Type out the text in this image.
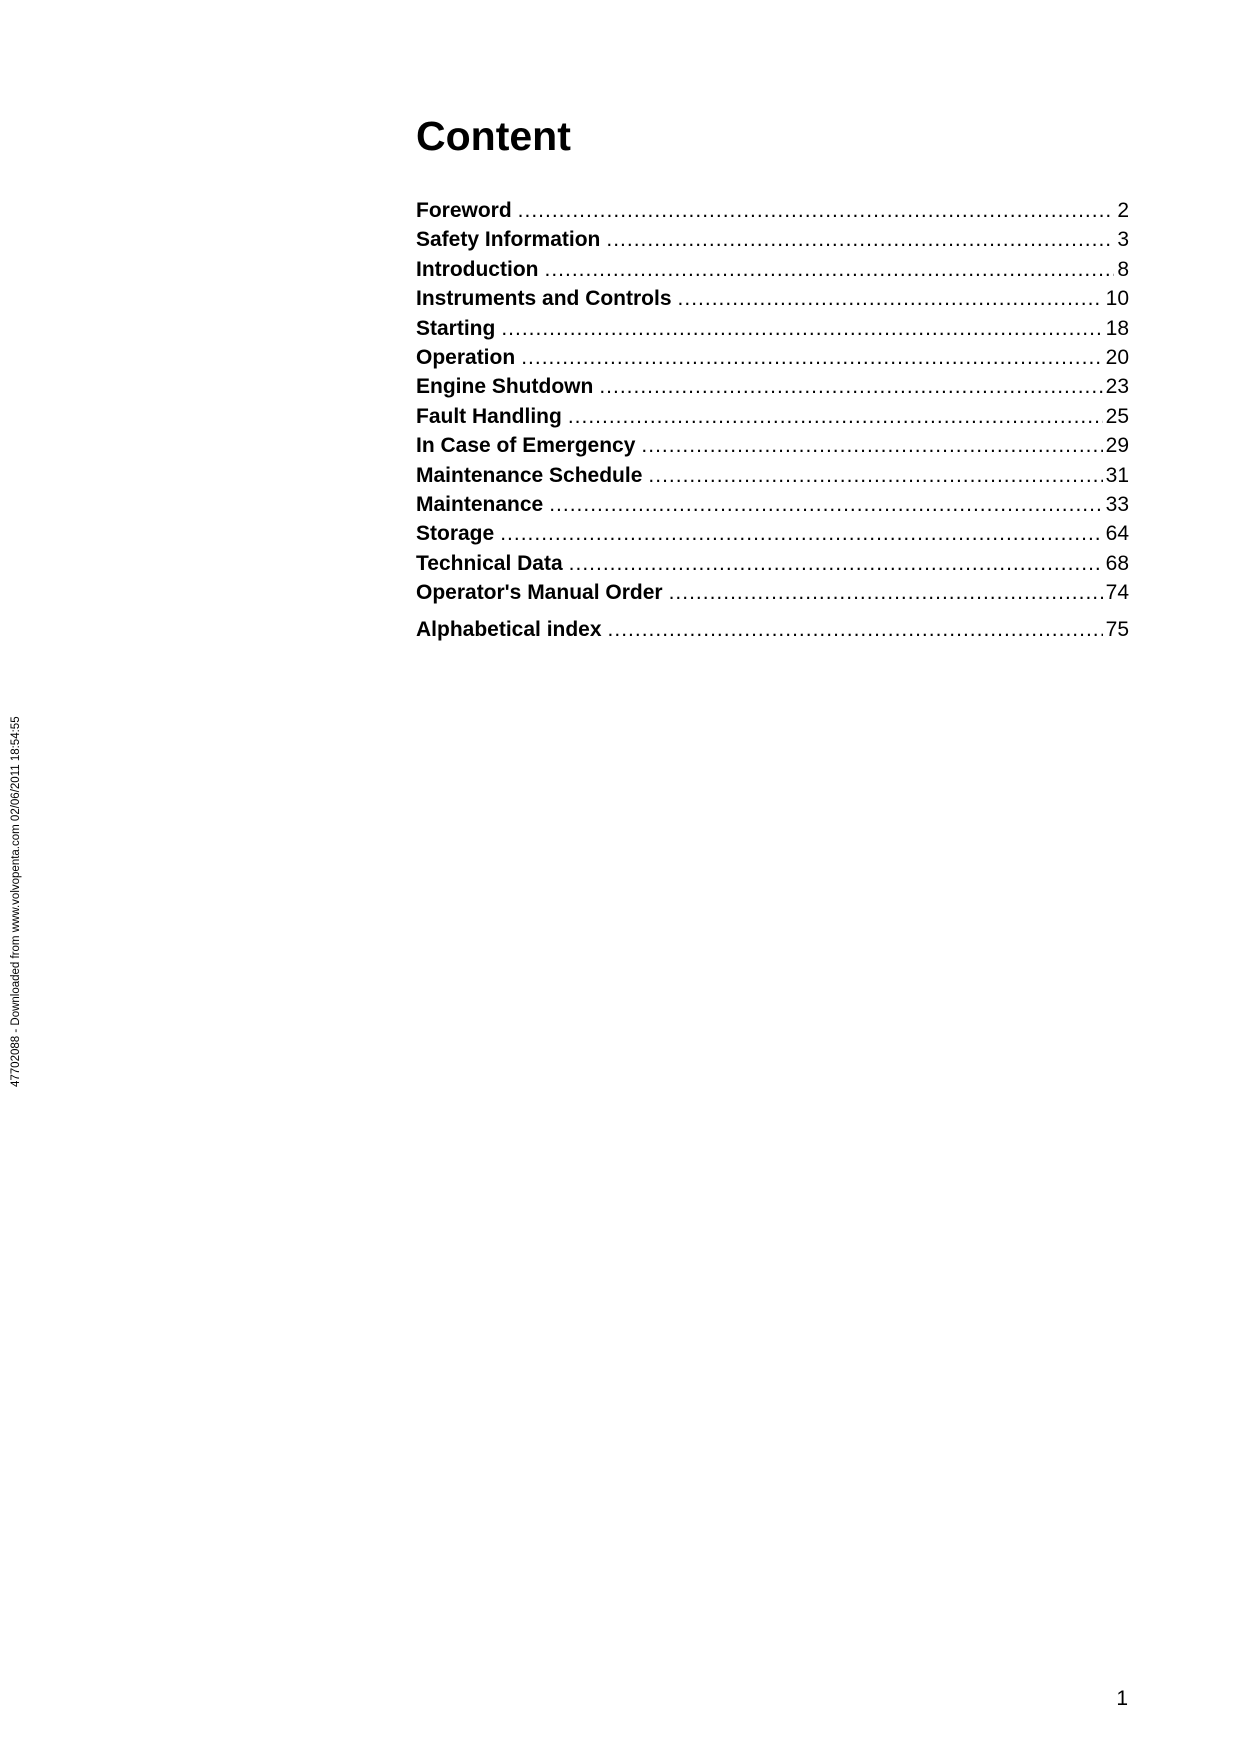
Content
Foreword .....	2
Safety Information .....	3
Introduction .....	8
Instruments and Controls .....	10
Starting .....	18
Operation .....	20
Engine Shutdown .....	23
Fault Handling .....	25
In Case of Emergency .....	29
Maintenance Schedule .....	31
Maintenance .....	33
Storage .....	64
Technical Data .....	68
Operator's Manual Order .....	74
Alphabetical index .....	75
47702088 - Downloaded from www.volvopenta.com 02/06/2011 18:54:55
1
